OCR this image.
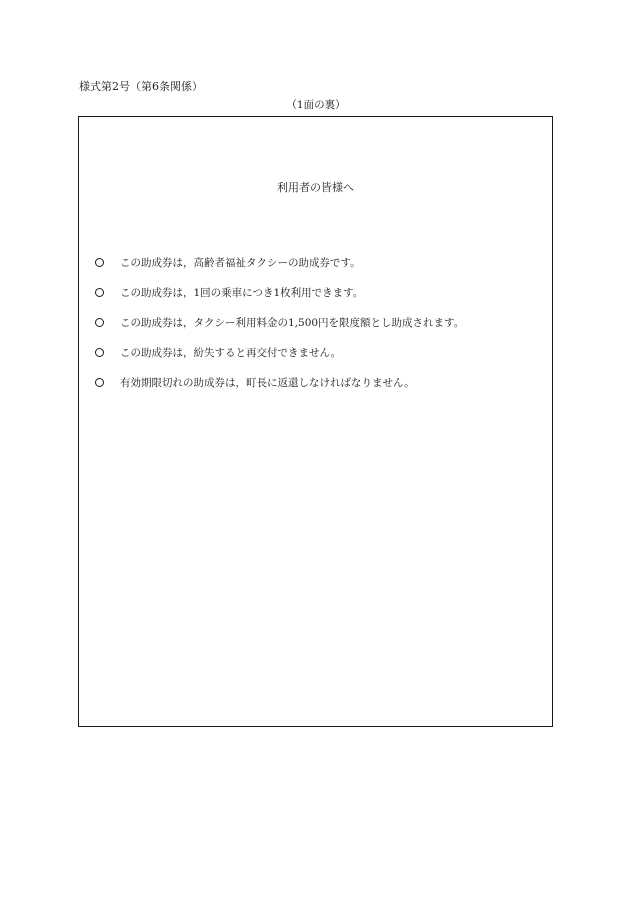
様式第2号（第6条関係）
（1面の裏）
利用者の皆様へ
この助成券は，高齢者福祉タクシーの助成券です。
この助成券は，1回の乗車につき1枚利用できます。
この助成券は，タクシー利用料金の1,500円を限度額とし助成されます。
この助成券は，紛失すると再交付できません。
有効期限切れの助成券は，町長に返還しなければなりません。
